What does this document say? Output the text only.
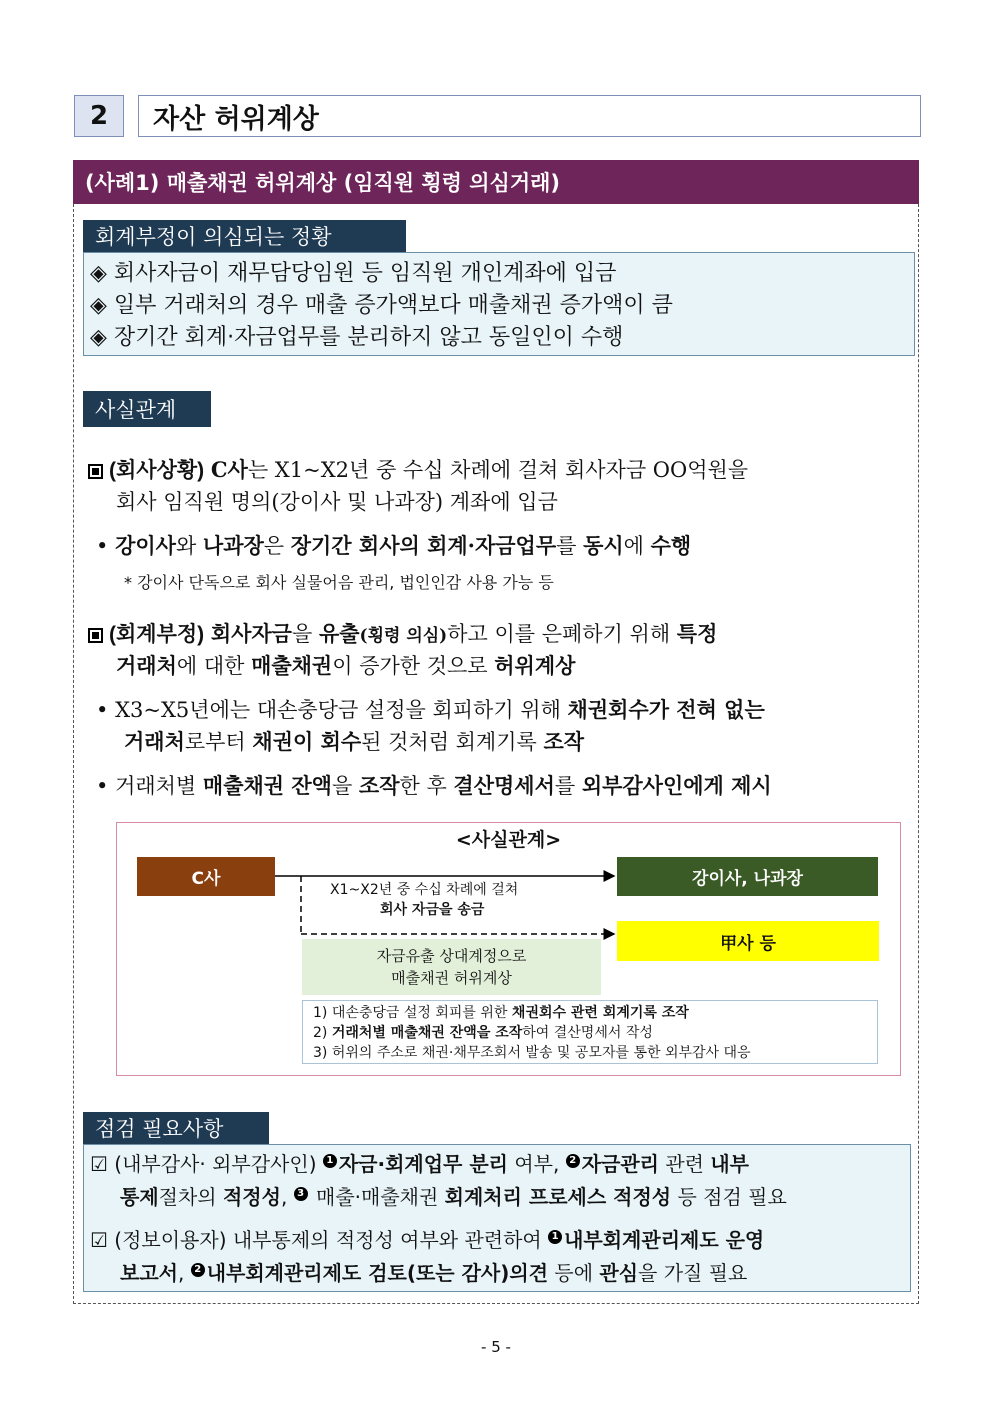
2	자산 허위계상
(사례1) 매출채권 허위계상 (임직원 횡령 의심거래)
회계부정이 의심되는 정황
◈ 회사자금이 재무담당임원 등 임직원 개인계좌에 입금
◈ 일부 거래처의 경우 매출 증가액보다 매출채권 증가액이 큼
◈ 장기간 회계·자금업무를 분리하지 않고 동일인이 수행
사실관계
(회사상황) C사는 X1~X2년 중 수십 차례에 걸쳐 회사자금 OO억원을
회사 임직원 명의(강이사 및 나과장) 계좌에 입금
• 강이사와 나과장은 장기간 회사의 회계·자금업무를 동시에 수행
* 강이사 단독으로 회사 실물어음 관리, 법인인감 사용 가능 등
(회계부정) 회사자금을 유출(횡령 의심)하고 이를 은폐하기 위해 특정
거래처에 대한 매출채권이 증가한 것으로 허위계상
• X3~X5년에는 대손충당금 설정을 회피하기 위해 채권회수가 전혀 없는
거래처로부터 채권이 회수된 것처럼 회계기록 조작
• 거래처별 매출채권 잔액을 조작한 후 결산명세서를 외부감사인에게 제시
<사실관계>
C사	강이사, 나과장
甲사 등
X1~X2년 중 수십 차례에 걸쳐
회사 자금을 송금
자금유출 상대계정으로
매출채권 허위계상
1) 대손충당금 설정 회피를 위한 채권회수 관련 회계기록 조작
2) 거래처별 매출채권 잔액을 조작하여 결산명세서 작성
3) 허위의 주소로 채권·채무조회서 발송 및 공모자를 통한 외부감사 대응
점검 필요사항
☑ (내부감사· 외부감사인) 1 자금·회계업무 분리 여부, 2 자금관리 관련 내부
통제절차의 적정성, 3 매출·매출채권 회계처리 프로세스 적정성 등 점검 필요
☑ (정보이용자) 내부통제의 적정성 여부와 관련하여 1 내부회계관리제도 운영
보고서, 2 내부회계관리제도 검토(또는 감사)의견 등에 관심을 가질 필요
- 5 -
